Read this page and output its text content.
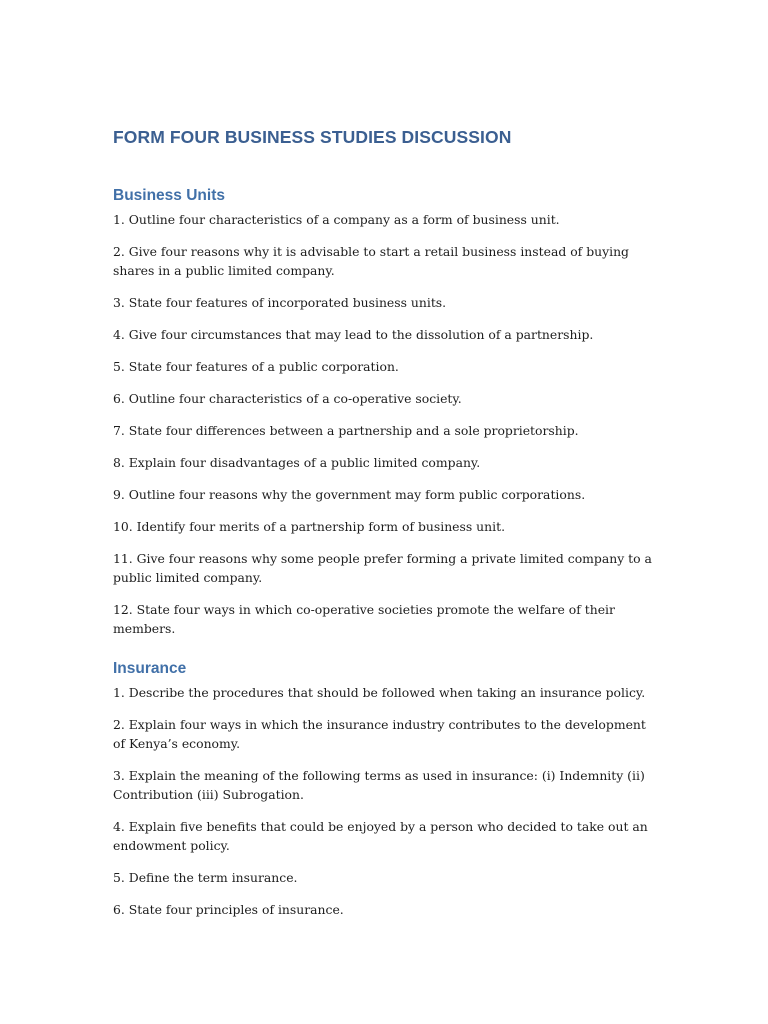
FORM FOUR BUSINESS STUDIES DISCUSSION
Business Units
1. Outline four characteristics of a company as a form of business unit.
2. Give four reasons why it is advisable to start a retail business instead of buying shares in a public limited company.
3. State four features of incorporated business units.
4. Give four circumstances that may lead to the dissolution of a partnership.
5. State four features of a public corporation.
6. Outline four characteristics of a co-operative society.
7. State four differences between a partnership and a sole proprietorship.
8. Explain four disadvantages of a public limited company.
9. Outline four reasons why the government may form public corporations.
10. Identify four merits of a partnership form of business unit.
11. Give four reasons why some people prefer forming a private limited company to a public limited company.
12. State four ways in which co-operative societies promote the welfare of their members.
Insurance
1. Describe the procedures that should be followed when taking an insurance policy.
2. Explain four ways in which the insurance industry contributes to the development of Kenya’s economy.
3. Explain the meaning of the following terms as used in insurance: (i) Indemnity (ii) Contribution (iii) Subrogation.
4. Explain five benefits that could be enjoyed by a person who decided to take out an endowment policy.
5. Define the term insurance.
6. State four principles of insurance.
